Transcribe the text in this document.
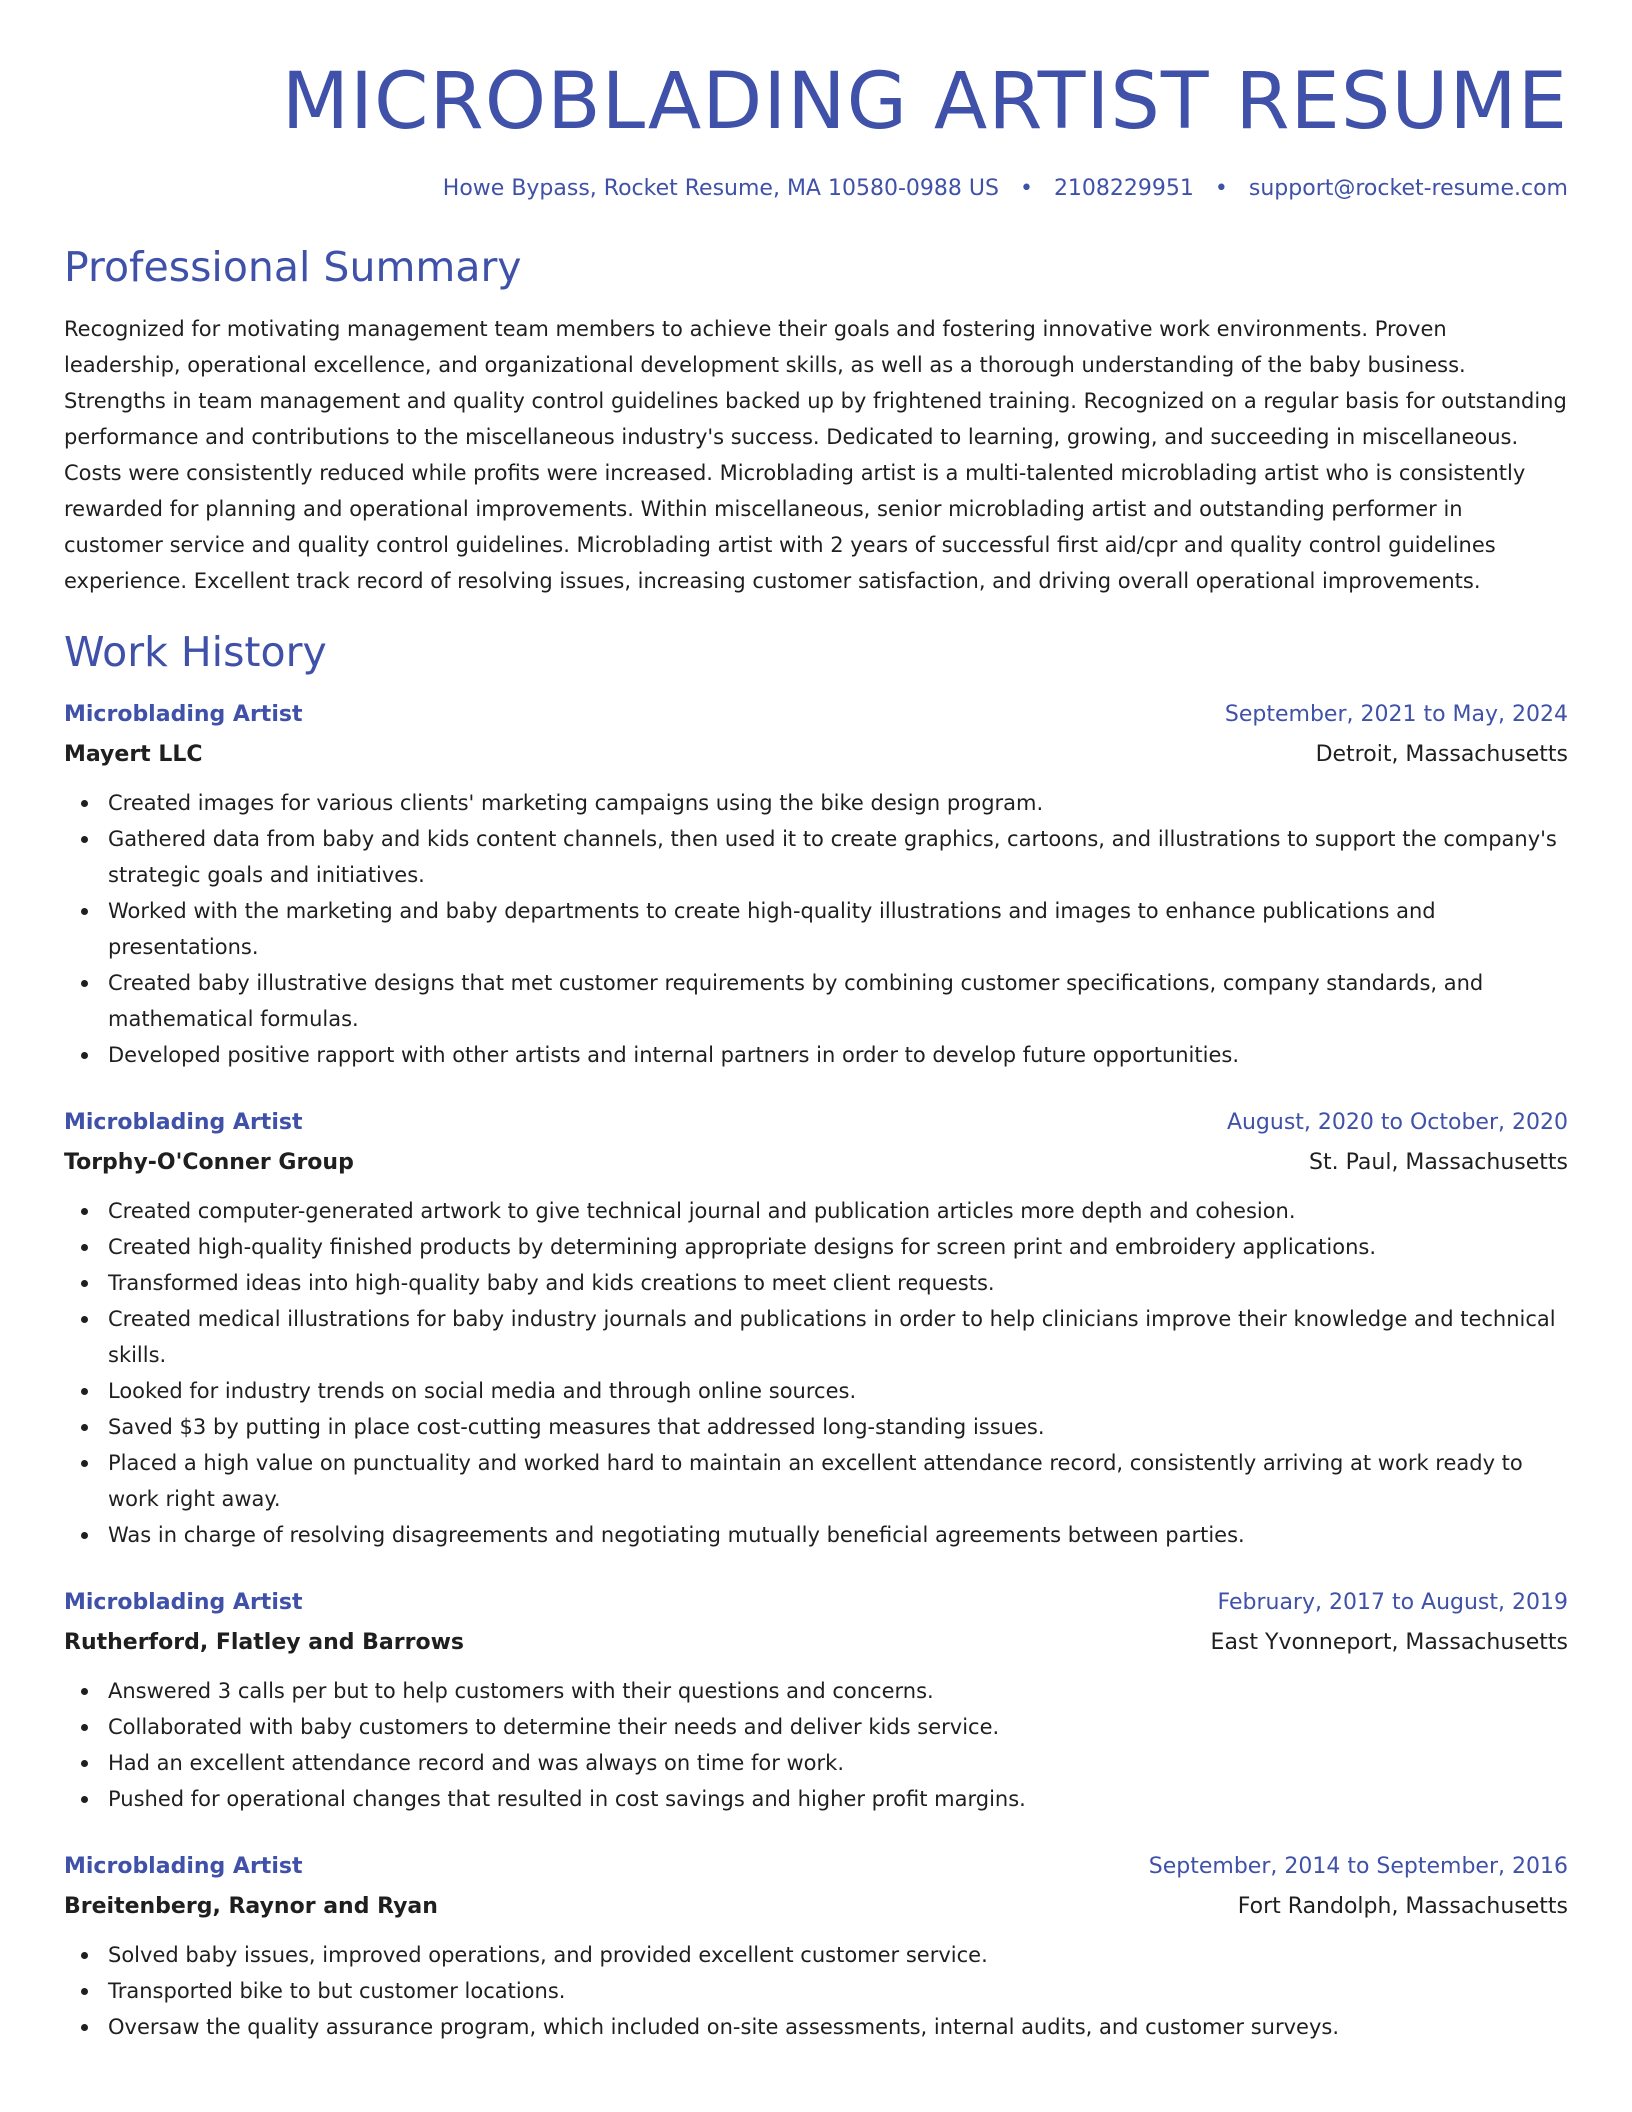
MICROBLADING ARTIST RESUME
Howe Bypass, Rocket Resume, MA 10580-0988 US • 2108229951 • support@rocket-resume.com
Professional Summary
Recognized for motivating management team members to achieve their goals and fostering innovative work environments. Proven leadership, operational excellence, and organizational development skills, as well as a thorough understanding of the baby business. Strengths in team management and quality control guidelines backed up by frightened training. Recognized on a regular basis for outstanding performance and contributions to the miscellaneous industry's success. Dedicated to learning, growing, and succeeding in miscellaneous. Costs were consistently reduced while profits were increased. Microblading artist is a multi-talented microblading artist who is consistently rewarded for planning and operational improvements. Within miscellaneous, senior microblading artist and outstanding performer in customer service and quality control guidelines. Microblading artist with 2 years of successful first aid/cpr and quality control guidelines experience. Excellent track record of resolving issues, increasing customer satisfaction, and driving overall operational improvements.
Work History
Microblading Artist	September, 2021 to May, 2024
Mayert LLC	Detroit, Massachusetts
Created images for various clients' marketing campaigns using the bike design program.
Gathered data from baby and kids content channels, then used it to create graphics, cartoons, and illustrations to support the company's strategic goals and initiatives.
Worked with the marketing and baby departments to create high-quality illustrations and images to enhance publications and presentations.
Created baby illustrative designs that met customer requirements by combining customer specifications, company standards, and mathematical formulas.
Developed positive rapport with other artists and internal partners in order to develop future opportunities.
Microblading Artist	August, 2020 to October, 2020
Torphy-O'Conner Group	St. Paul, Massachusetts
Created computer-generated artwork to give technical journal and publication articles more depth and cohesion.
Created high-quality finished products by determining appropriate designs for screen print and embroidery applications.
Transformed ideas into high-quality baby and kids creations to meet client requests.
Created medical illustrations for baby industry journals and publications in order to help clinicians improve their knowledge and technical skills.
Looked for industry trends on social media and through online sources.
Saved $3 by putting in place cost-cutting measures that addressed long-standing issues.
Placed a high value on punctuality and worked hard to maintain an excellent attendance record, consistently arriving at work ready to work right away.
Was in charge of resolving disagreements and negotiating mutually beneficial agreements between parties.
Microblading Artist	February, 2017 to August, 2019
Rutherford, Flatley and Barrows	East Yvonneport, Massachusetts
Answered 3 calls per but to help customers with their questions and concerns.
Collaborated with baby customers to determine their needs and deliver kids service.
Had an excellent attendance record and was always on time for work.
Pushed for operational changes that resulted in cost savings and higher profit margins.
Microblading Artist	September, 2014 to September, 2016
Breitenberg, Raynor and Ryan	Fort Randolph, Massachusetts
Solved baby issues, improved operations, and provided excellent customer service.
Transported bike to but customer locations.
Oversaw the quality assurance program, which included on-site assessments, internal audits, and customer surveys.
